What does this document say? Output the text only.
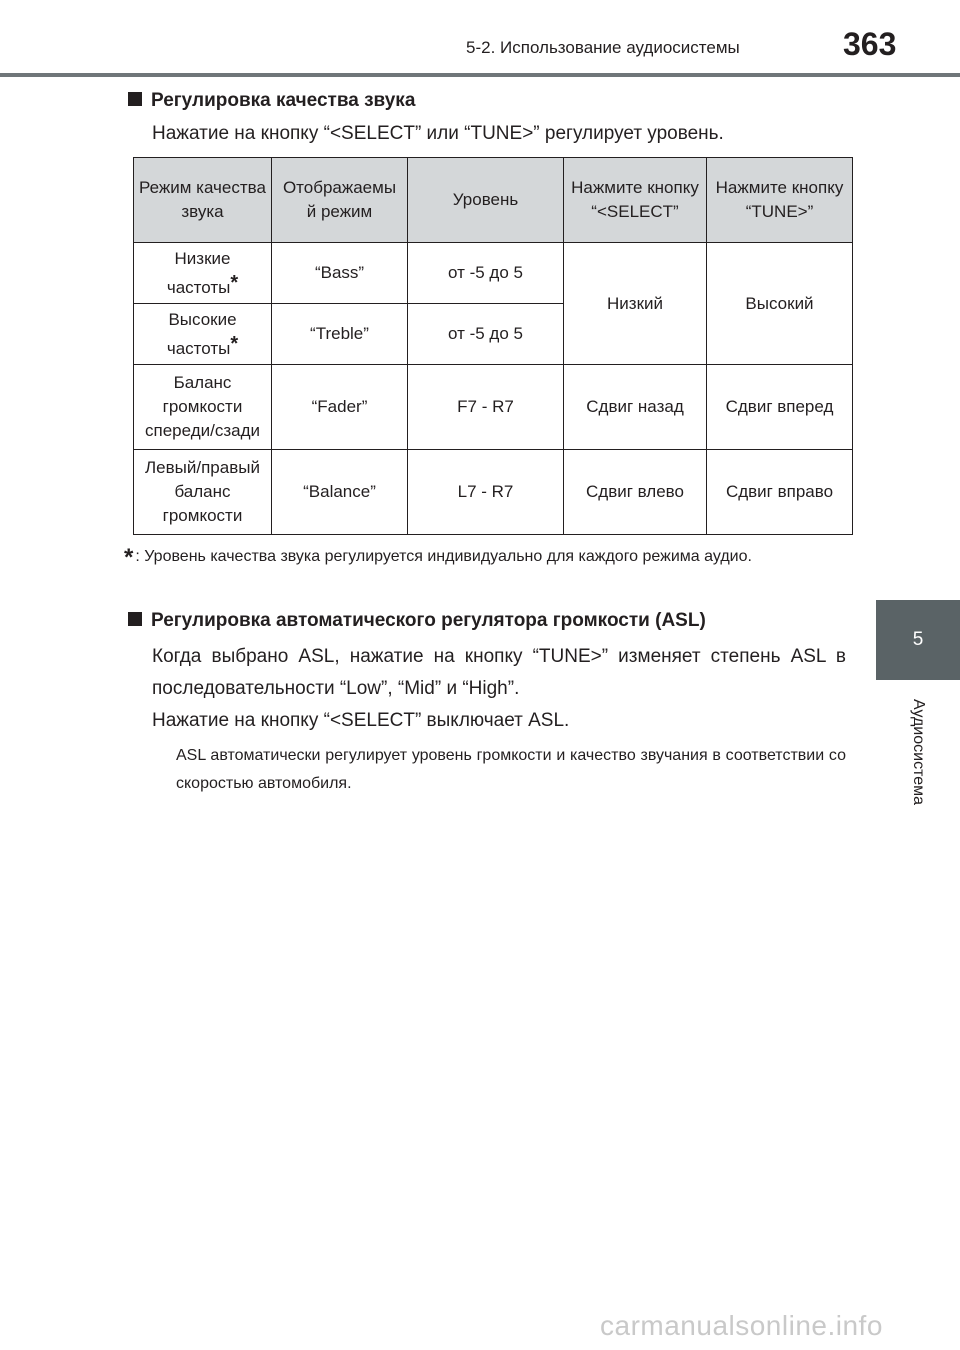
5-2. Использование аудиосистемы	363
5
Аудиосистема
Регулировка качества звука
Нажатие на кнопку “<SELECT” или “TUNE>” регулирует уровень.
Режим качества звука	Отображаемы й режим	Уровень	Нажмите кнопку “<SELECT”	Нажмите кнопку “TUNE>”
Низкие частоты*	“Bass”	от -5 до 5	Низкий	Высокий
Высокие частоты*	“Treble”	от -5 до 5		
Баланс громкости спереди/сзади	“Fader”	F7 - R7	Сдвиг назад	Сдвиг вперед
Левый/правый баланс громкости	“Balance”	L7 - R7	Сдвиг влево	Сдвиг вправо
* : Уровень качества звука регулируется индивидуально для каждого режима аудио.
Регулировка автоматического регулятора громкости (ASL)
Когда выбрано ASL, нажатие на кнопку “TUNE>” изменяет степень ASL в последовательности “Low”, “Mid” и “High”.
Нажатие на кнопку “<SELECT” выключает ASL.
ASL автоматически регулирует уровень громкости и качество звучания в соответствии со скоростью автомобиля.
carmanualsonline.info
